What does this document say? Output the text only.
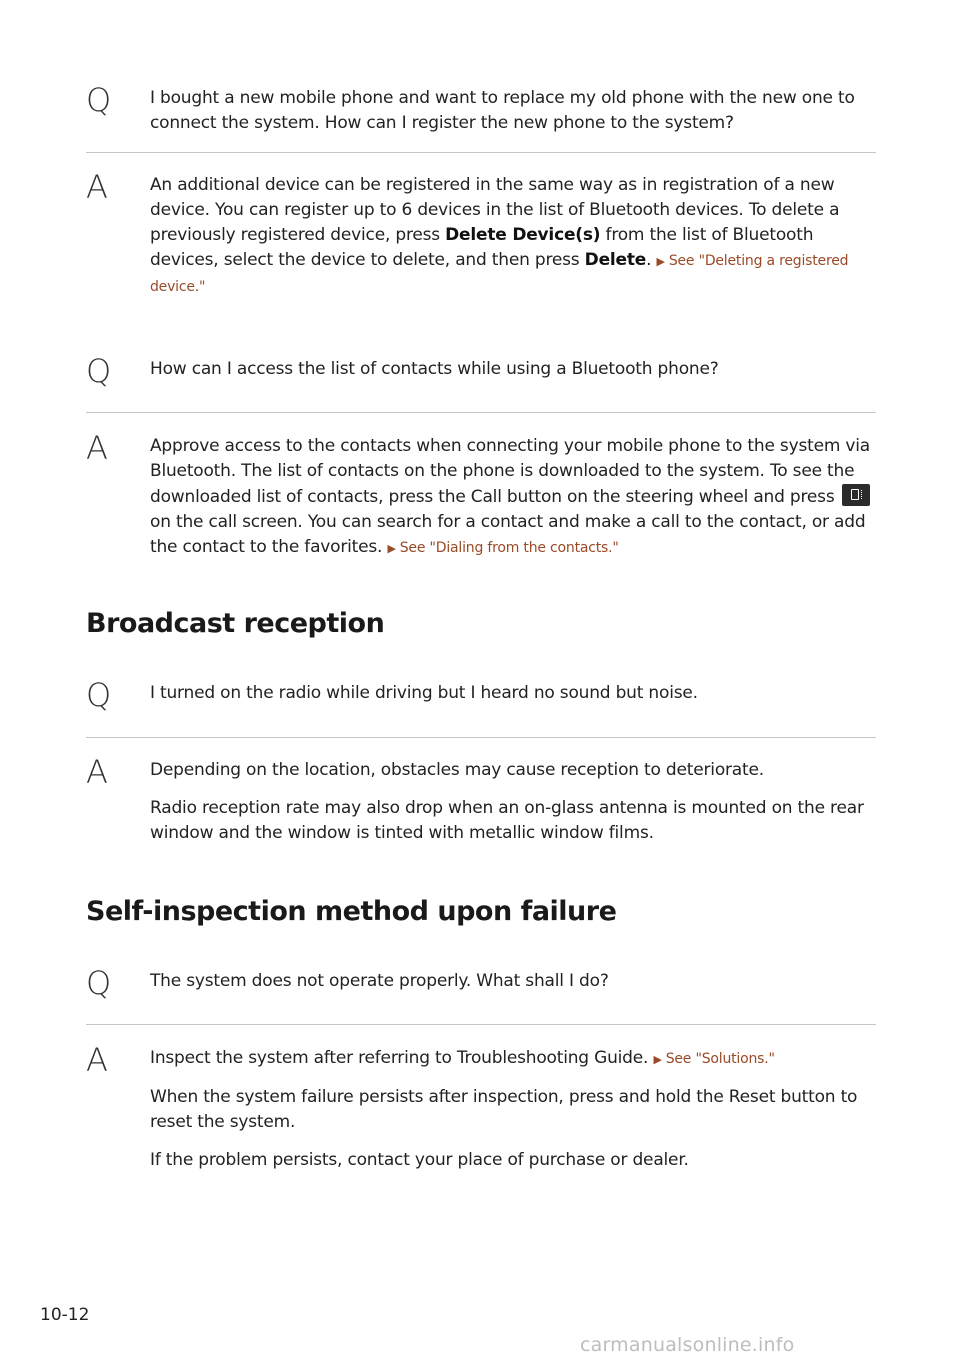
Q I bought a new mobile phone and want to replace my old phone with the new one to connect the system. How can I register the new phone to the system?

A An additional device can be registered in the same way as in registration of a new device. You can register up to 6 devices in the list of Bluetooth devices. To delete a previously registered device, press Delete Device(s) from the list of Bluetooth devices, select the device to delete, and then press Delete. ▶ See "Deleting a registered device."

Q How can I access the list of contacts while using a Bluetooth phone?

A Approve access to the contacts when connecting your mobile phone to the system via Bluetooth. The list of contacts on the phone is downloaded to the system. To see the downloaded list of contacts, press the Call button on the steering wheel and press  on the call screen. You can search for a contact and make a call to the contact, or add the contact to the favorites. ▶ See "Dialing from the contacts."

Broadcast reception
Q I turned on the radio while driving but I heard no sound but noise.

A Depending on the location, obstacles may cause reception to deteriorate.

Radio reception rate may also drop when an on-glass antenna is mounted on the rear window and the window is tinted with metallic window films.

Self-inspection method upon failure
Q The system does not operate properly. What shall I do?

A Inspect the system after referring to Troubleshooting Guide. ▶ See "Solutions."

When the system failure persists after inspection, press and hold the Reset button to reset the system.

If the problem persists, contact your place of purchase or dealer.

10-12
carmanualsonline.info
